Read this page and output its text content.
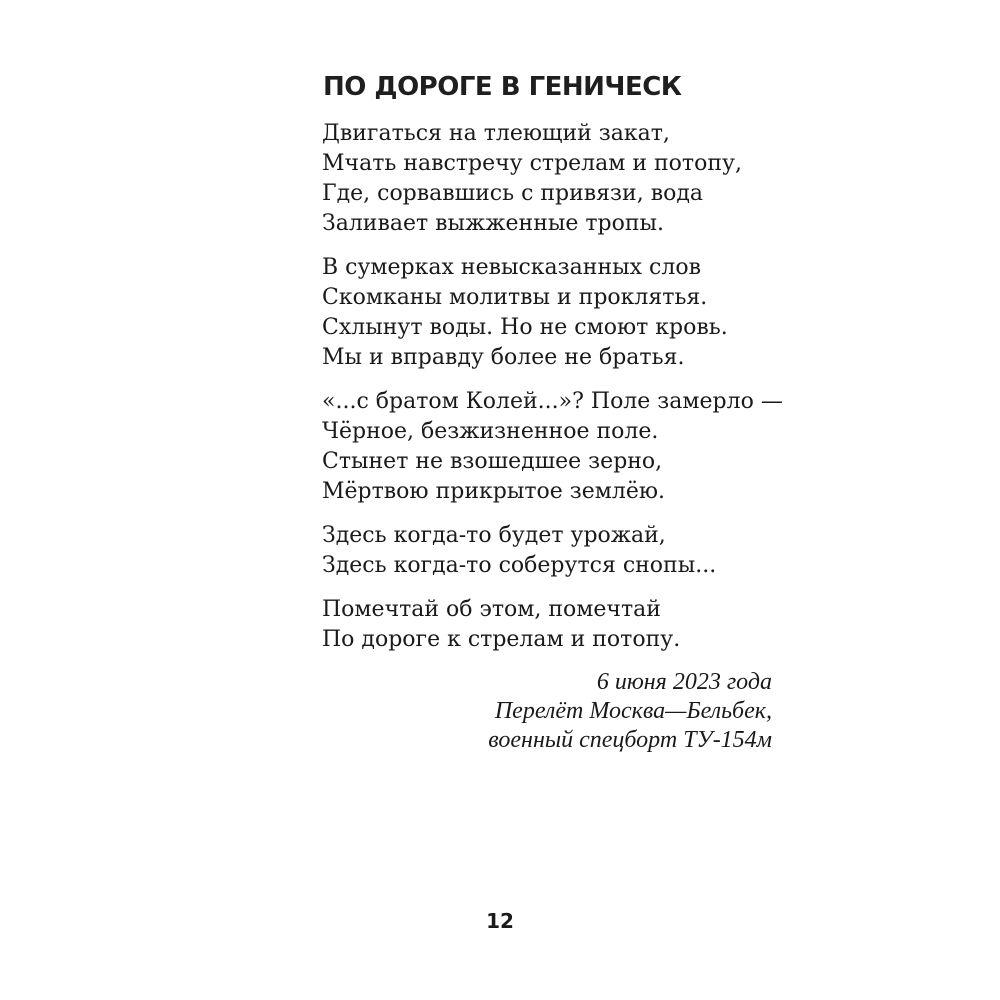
ПО ДОРОГЕ В ГЕНИЧЕСК
Двигаться на тлеющий закат,
Мчать навстречу стрелам и потопу,
Где, сорвавшись с привязи, вода
Заливает выжженные тропы.
В сумерках невысказанных слов
Скомканы молитвы и проклятья.
Схлынут воды. Но не смоют кровь.
Мы и вправду более не братья.
«...с братом Колей...»? Поле замерло —
Чёрное, безжизненное поле.
Стынет не взошедшее зерно,
Мёртвою прикрытое землёю.
Здесь когда-то будет урожай,
Здесь когда-то соберутся снопы...
Помечтай об этом, помечтай
По дороге к стрелам и потопу.
6 июня 2023 года
Перелёт Москва—Бельбек,
военный спецборт ТУ-154м
12
